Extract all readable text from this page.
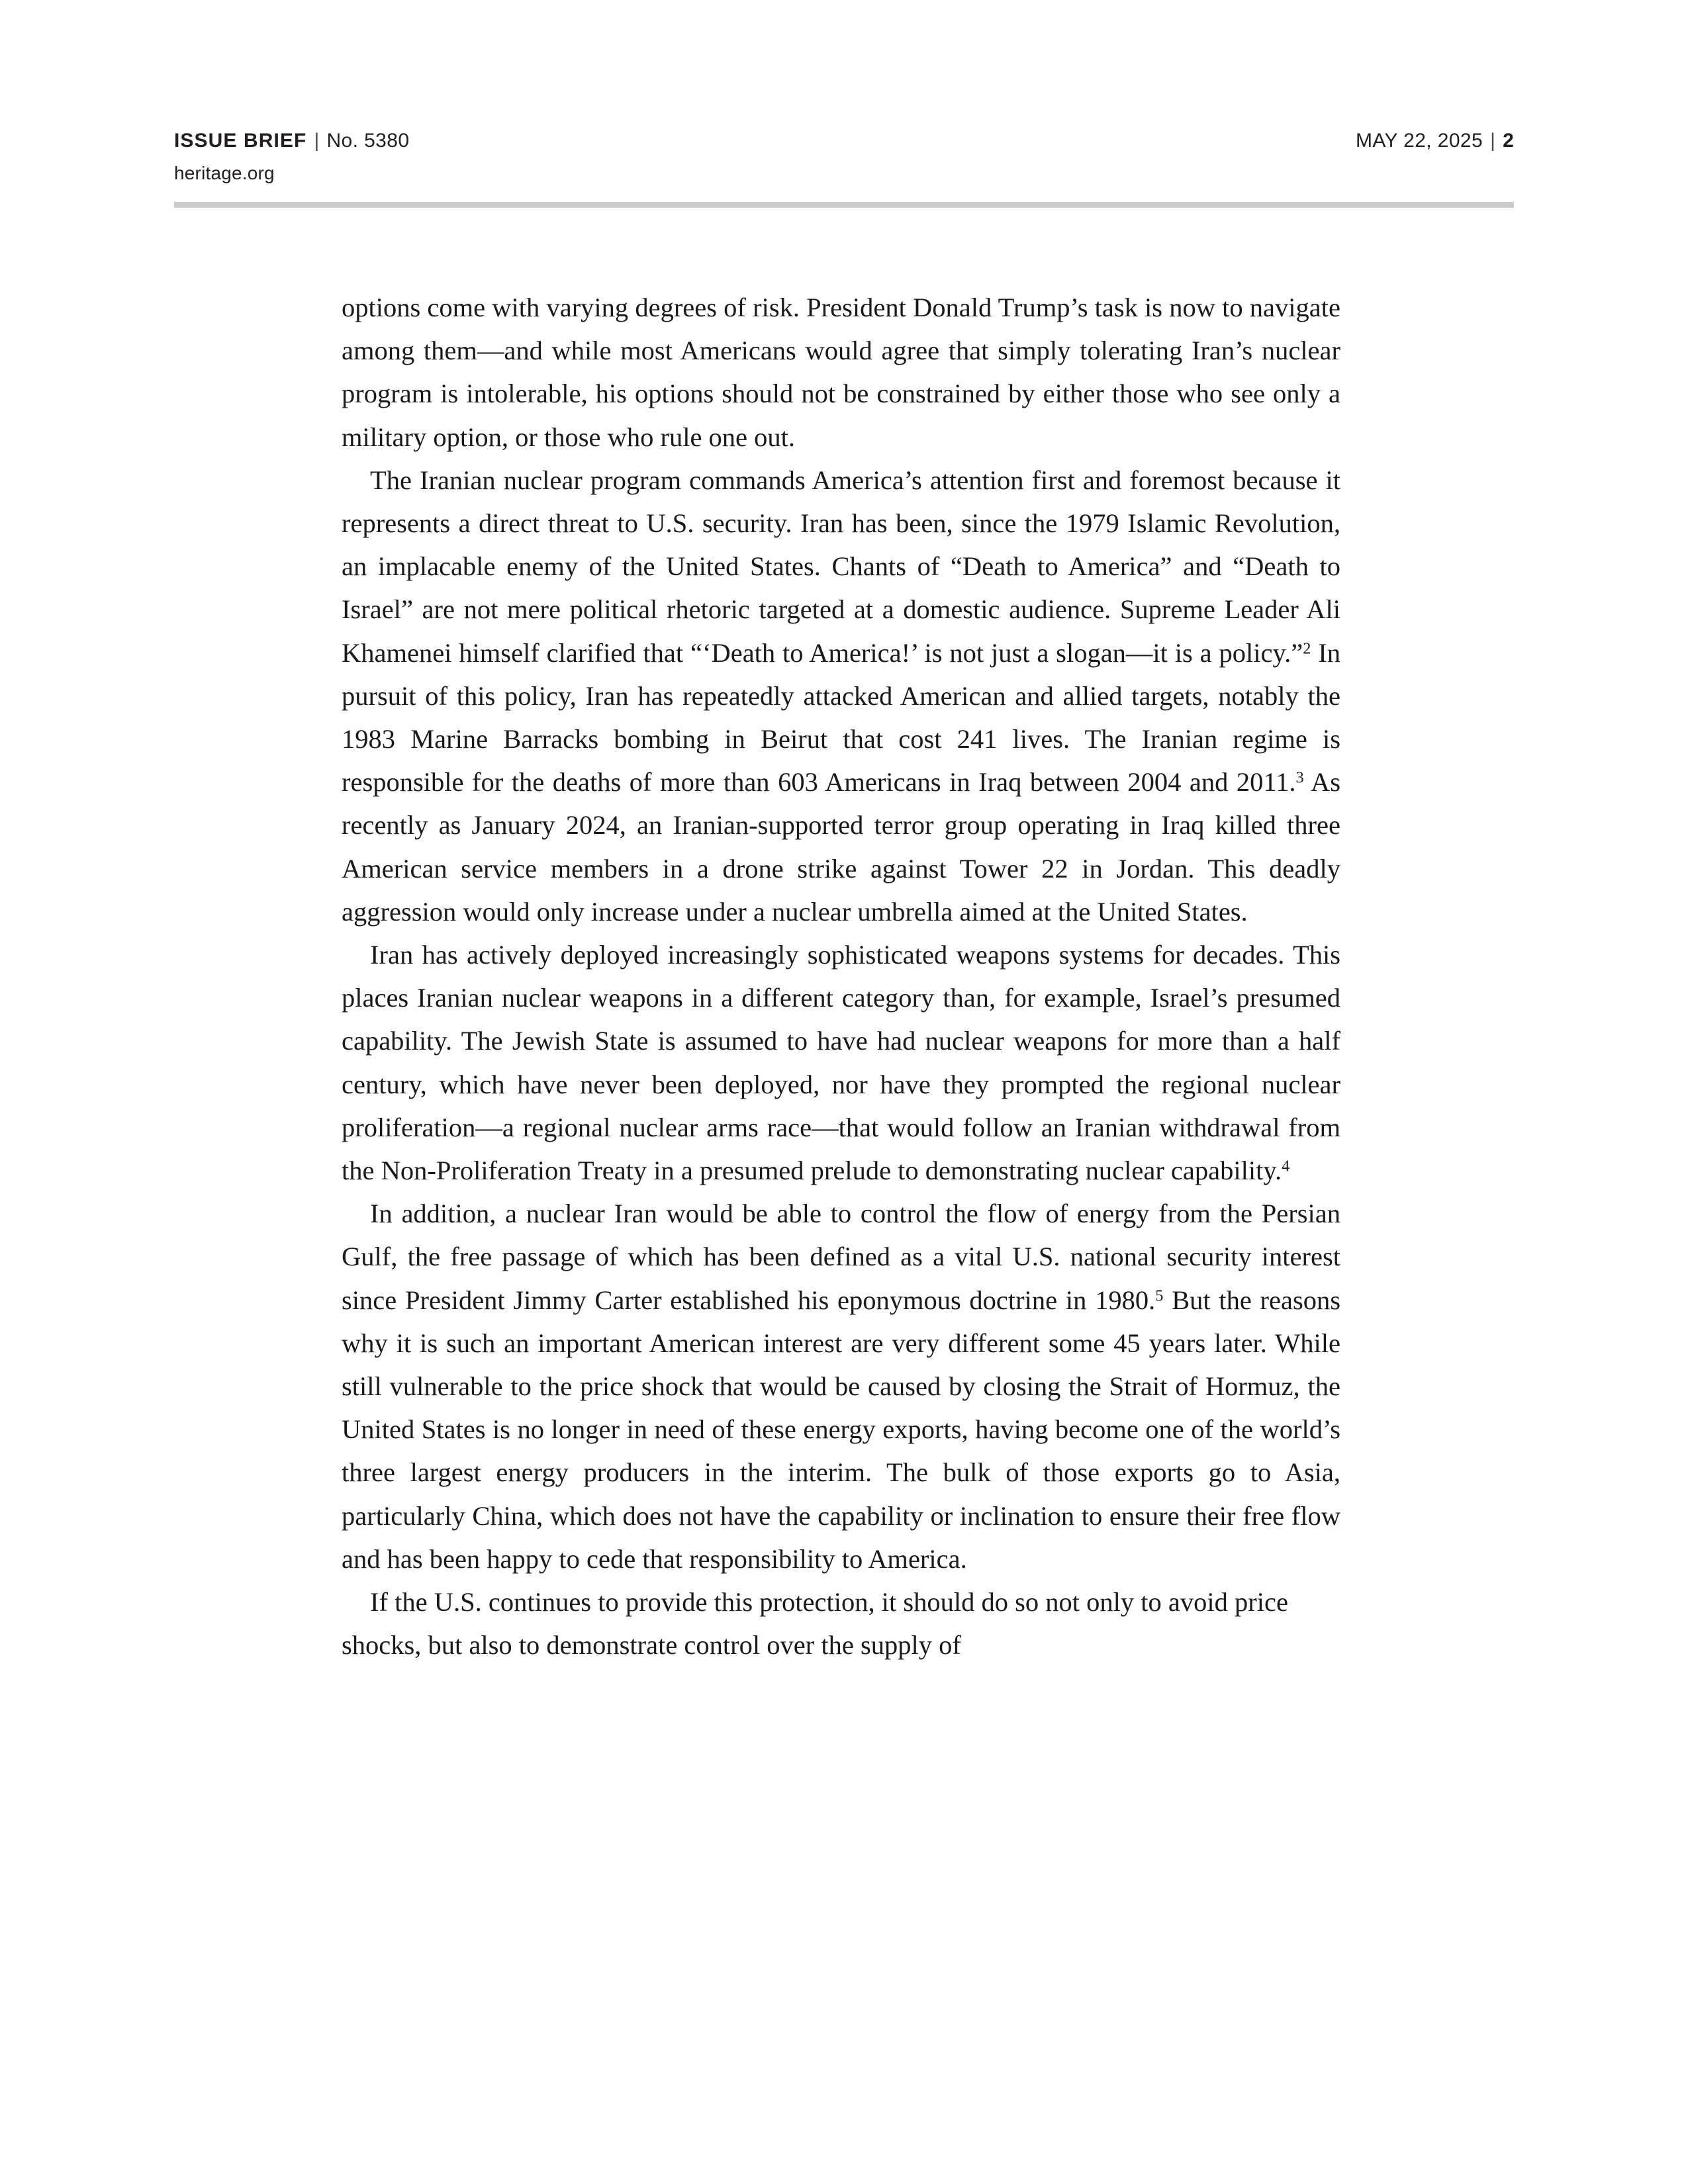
ISSUE BRIEF | No. 5380	MAY 22, 2025 | 2
heritage.org

options come with varying degrees of risk. President Donald Trump’s task is now to navigate among them—and while most Americans would agree that simply tolerating Iran’s nuclear program is intolerable, his options should not be constrained by either those who see only a military option, or those who rule one out.

The Iranian nuclear program commands America’s attention first and foremost because it represents a direct threat to U.S. security. Iran has been, since the 1979 Islamic Revolution, an implacable enemy of the United States. Chants of “Death to America” and “Death to Israel” are not mere political rhetoric targeted at a domestic audience. Supreme Leader Ali Khamenei himself clarified that “‘Death to America!’ is not just a slogan—it is a policy.”$^2$ In pursuit of this policy, Iran has repeatedly attacked American and allied targets, notably the 1983 Marine Barracks bombing in Beirut that cost 241 lives. The Iranian regime is responsible for the deaths of more than 603 Americans in Iraq between 2004 and 2011.$^3$ As recently as January 2024, an Iranian-supported terror group operating in Iraq killed three American service members in a drone strike against Tower 22 in Jordan. This deadly aggression would only increase under a nuclear umbrella aimed at the United States.

Iran has actively deployed increasingly sophisticated weapons systems for decades. This places Iranian nuclear weapons in a different category than, for example, Israel’s presumed capability. The Jewish State is assumed to have had nuclear weapons for more than a half century, which have never been deployed, nor have they prompted the regional nuclear proliferation—a regional nuclear arms race—that would follow an Iranian withdrawal from the Non-Proliferation Treaty in a presumed prelude to demonstrating nuclear capability.$^4$

In addition, a nuclear Iran would be able to control the flow of energy from the Persian Gulf, the free passage of which has been defined as a vital U.S. national security interest since President Jimmy Carter established his eponymous doctrine in 1980.$^5$ But the reasons why it is such an important American interest are very different some 45 years later. While still vulnerable to the price shock that would be caused by closing the Strait of Hormuz, the United States is no longer in need of these energy exports, having become one of the world’s three largest energy producers in the interim. The bulk of those exports go to Asia, particularly China, which does not have the capability or inclination to ensure their free flow and has been happy to cede that responsibility to America.

If the U.S. continues to provide this protection, it should do so not only to avoid price shocks, but also to demonstrate control over the supply of
